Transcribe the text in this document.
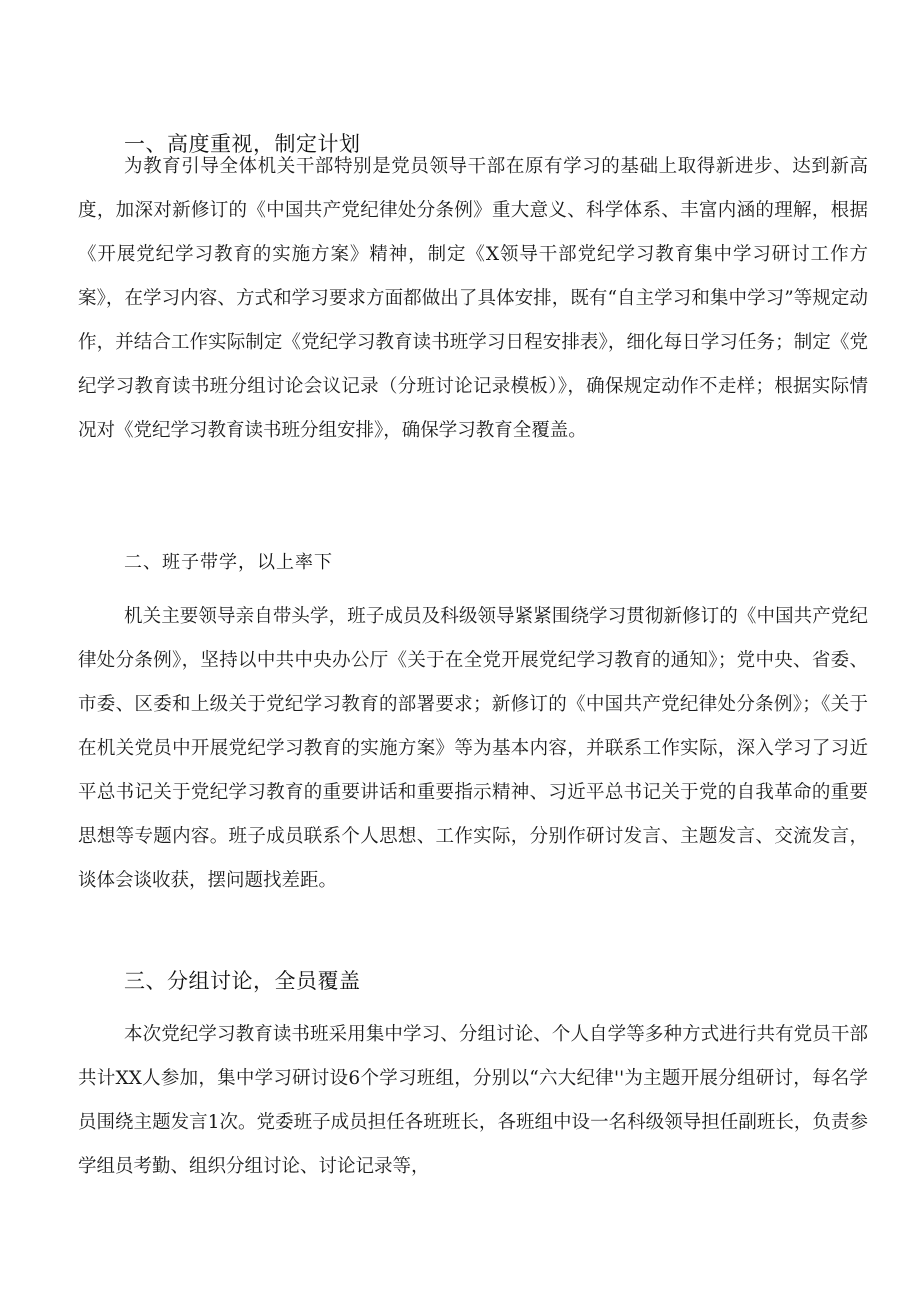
一、高度重视，制定计划

为教育引导全体机关干部特别是党员领导干部在原有学习的基础上取得新进步、达到新高度，加深对新修订的《中国共产党纪律处分条例》重大意义、科学体系、丰富内涵的理解，根据《开展党纪学习教育的实施方案》精神，制定《X领导干部党纪学习教育集中学习研讨工作方案》，在学习内容、方式和学习要求方面都做出了具体安排，既有“自主学习和集中学习”等规定动作，并结合工作实际制定《党纪学习教育读书班学习日程安排表》，细化每日学习任务；制定《党纪学习教育读书班分组讨论会议记录（分班讨论记录模板）》，确保规定动作不走样；根据实际情况对《党纪学习教育读书班分组安排》，确保学习教育全覆盖。

二、班子带学，以上率下

机关主要领导亲自带头学，班子成员及科级领导紧紧围绕学习贯彻新修订的《中国共产党纪律处分条例》，坚持以中共中央办公厅《关于在全党开展党纪学习教育的通知》；党中央、省委、市委、区委和上级关于党纪学习教育的部署要求；新修订的《中国共产党纪律处分条例》；《关于在机关党员中开展党纪学习教育的实施方案》等为基本内容，并联系工作实际，深入学习了习近平总书记关于党纪学习教育的重要讲话和重要指示精神、习近平总书记关于党的自我革命的重要思想等专题内容。班子成员联系个人思想、工作实际，分别作研讨发言、主题发言、交流发言，谈体会谈收获，摆问题找差距。

三、分组讨论，全员覆盖

本次党纪学习教育读书班采用集中学习、分组讨论、个人自学等多种方式进行共有党员干部共计XX人参加，集中学习研讨设6个学习班组，分别以“六大纪律''为主题开展分组研讨，每名学员围绕主题发言1次。党委班子成员担任各班班长，各班组中设一名科级领导担任副班长，负责参学组员考勤、组织分组讨论、讨论记录等，
